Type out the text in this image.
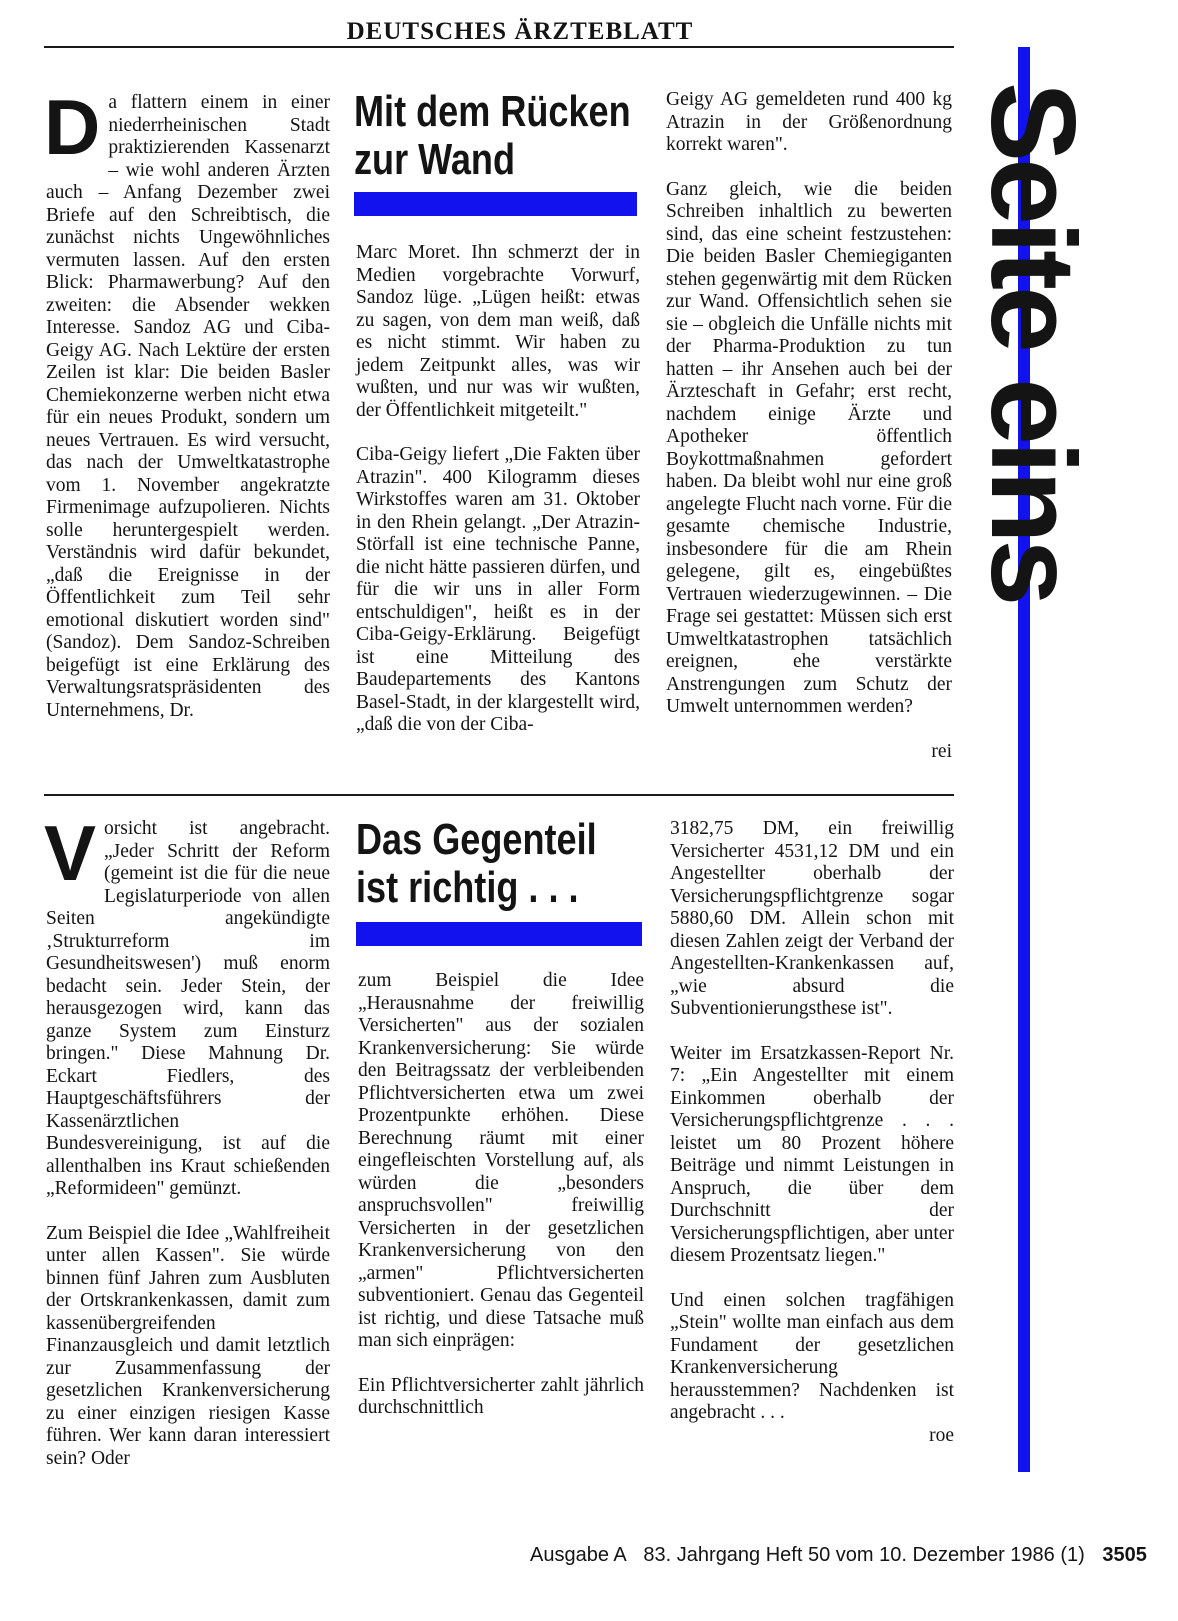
DEUTSCHES ÄRZTEBLATT
Seite eins

Da flattern einem in einer niederrheinischen Stadt praktizierenden Kassenarzt – wie wohl anderen Ärzten auch – Anfang Dezember zwei Briefe auf den Schreibtisch, die zunächst nichts Ungewöhnliches vermuten lassen. Auf den ersten Blick: Pharmawerbung? Auf den zweiten: die Absender wekken Interesse. Sandoz AG und Ciba-Geigy AG. Nach Lektüre der ersten Zeilen ist klar: Die beiden Basler Chemiekonzerne werben nicht etwa für ein neues Produkt, sondern um neues Vertrauen. Es wird versucht, das nach der Umweltkatastrophe vom 1. November angekratzte Firmenimage aufzupolieren. Nichts solle heruntergespielt werden. Verständnis wird dafür bekundet, „daß die Ereignisse in der Öffentlichkeit zum Teil sehr emotional diskutiert worden sind" (Sandoz). Dem Sandoz-Schreiben beigefügt ist eine Erklärung des Verwaltungsratspräsidenten des Unternehmens, Dr.

Mit dem Rücken
zur Wand

Marc Moret. Ihn schmerzt der in Medien vorgebrachte Vorwurf, Sandoz lüge. „Lügen heißt: etwas zu sagen, von dem man weiß, daß es nicht stimmt. Wir haben zu jedem Zeitpunkt alles, was wir wußten, und nur was wir wußten, der Öffentlichkeit mitgeteilt."

Ciba-Geigy liefert „Die Fakten über Atrazin". 400 Kilogramm dieses Wirkstoffes waren am 31. Oktober in den Rhein gelangt. „Der Atrazin-Störfall ist eine technische Panne, die nicht hätte passieren dürfen, und für die wir uns in aller Form entschuldigen", heißt es in der Ciba-Geigy-Erklärung. Beigefügt ist eine Mitteilung des Baudepartements des Kantons Basel-Stadt, in der klargestellt wird, „daß die von der Ciba-

Geigy AG gemeldeten rund 400 kg Atrazin in der Größenordnung korrekt waren".

Ganz gleich, wie die beiden Schreiben inhaltlich zu bewerten sind, das eine scheint festzustehen: Die beiden Basler Chemiegiganten stehen gegenwärtig mit dem Rücken zur Wand. Offensichtlich sehen sie sie – obgleich die Unfälle nichts mit der Pharma-Produktion zu tun hatten – ihr Ansehen auch bei der Ärzteschaft in Gefahr; erst recht, nachdem einige Ärzte und Apotheker öffentlich Boykottmaßnahmen gefordert haben. Da bleibt wohl nur eine groß angelegte Flucht nach vorne. Für die gesamte chemische Industrie, insbesondere für die am Rhein gelegene, gilt es, eingebüßtes Vertrauen wiederzugewinnen. – Die Frage sei gestattet: Müssen sich erst Umweltkatastrophen tatsächlich ereignen, ehe verstärkte Anstrengungen zum Schutz der Umwelt unternommen werden?

rei

Vorsicht ist angebracht. „Jeder Schritt der Reform (gemeint ist die für die neue Legislaturperiode von allen Seiten angekündigte ‚Strukturreform im Gesundheitswesen') muß enorm bedacht sein. Jeder Stein, der herausgezogen wird, kann das ganze System zum Einsturz bringen." Diese Mahnung Dr. Eckart Fiedlers, des Hauptgeschäftsführers der Kassenärztlichen Bundesvereinigung, ist auf die allenthalben ins Kraut schießenden „Reformideen" gemünzt.

Zum Beispiel die Idee „Wahlfreiheit unter allen Kassen". Sie würde binnen fünf Jahren zum Ausbluten der Ortskrankenkassen, damit zum kassenübergreifenden Finanzausgleich und damit letztlich zur Zusammenfassung der gesetzlichen Krankenversicherung zu einer einzigen riesigen Kasse führen. Wer kann daran interessiert sein? Oder

Das Gegenteil
ist richtig . . .

zum Beispiel die Idee „Herausnahme der freiwillig Versicherten" aus der sozialen Krankenversicherung: Sie würde den Beitragssatz der verbleibenden Pflichtversicherten etwa um zwei Prozentpunkte erhöhen. Diese Berechnung räumt mit einer eingefleischten Vorstellung auf, als würden die „besonders anspruchsvollen" freiwillig Versicherten in der gesetzlichen Krankenversicherung von den „armen" Pflichtversicherten subventioniert. Genau das Gegenteil ist richtig, und diese Tatsache muß man sich einprägen:

Ein Pflichtversicherter zahlt jährlich durchschnittlich

3182,75 DM, ein freiwillig Versicherter 4531,12 DM und ein Angestellter oberhalb der Versicherungspflichtgrenze sogar 5880,60 DM. Allein schon mit diesen Zahlen zeigt der Verband der Angestellten-Krankenkassen auf, „wie absurd die Subventionierungsthese ist".

Weiter im Ersatzkassen-Report Nr. 7: „Ein Angestellter mit einem Einkommen oberhalb der Versicherungspflichtgrenze . . . leistet um 80 Prozent höhere Beiträge und nimmt Leistungen in Anspruch, die über dem Durchschnitt der Versicherungspflichtigen, aber unter diesem Prozentsatz liegen."

Und einen solchen tragfähigen „Stein" wollte man einfach aus dem Fundament der gesetzlichen Krankenversicherung herausstemmen? Nachdenken ist angebracht . . .

roe
Ausgabe A 83. Jahrgang Heft 50 vom 10. Dezember 1986 (1) 3505
